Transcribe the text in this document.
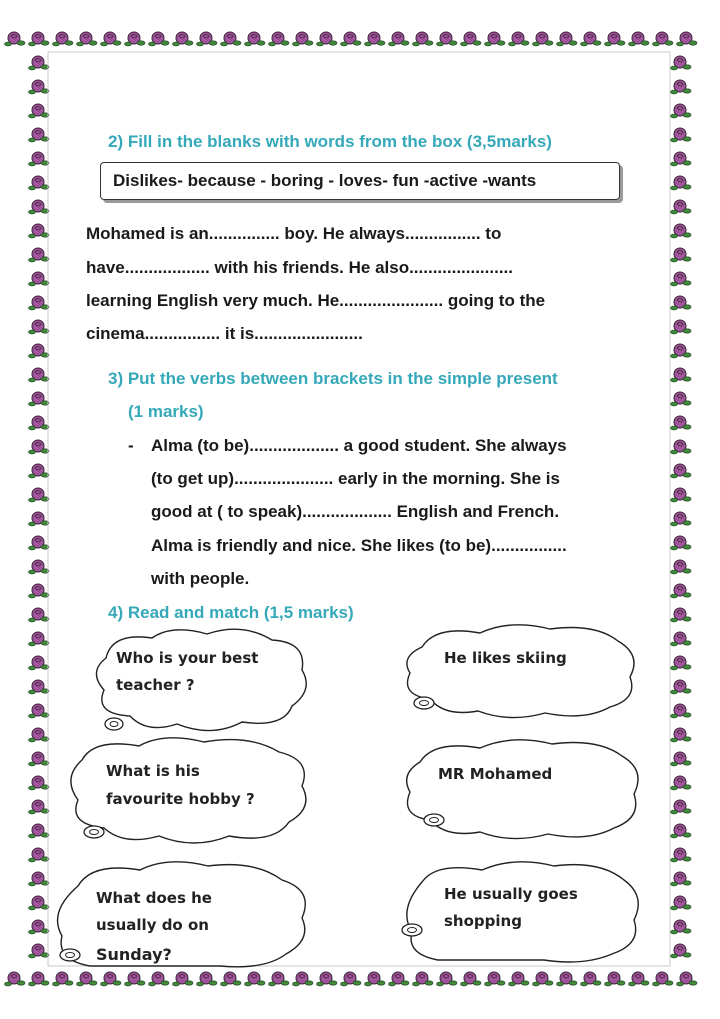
2) Fill in the blanks with words from the box (3,5marks)
Dislikes- because - boring - loves- fun -active -wants
Mohamed is an............... boy. He always................ to
have.................. with his friends. He also......................
learning English very much. He...................... going to the
cinema................ it is.......................
3) Put the verbs between brackets in the simple present
(1 marks)
- Alma (to be)................... a good student. She always
(to get up)..................... early in the morning. She is
good at ( to speak)................... English and French.
Alma is friendly and nice. She likes (to be)................
with people.
4) Read and match (1,5 marks)
Who is your best
teacher ?
What is his
favourite hobby ?
What does he
usually do on
Sunday?
He likes skiing
MR Mohamed
He usually goes
shopping
